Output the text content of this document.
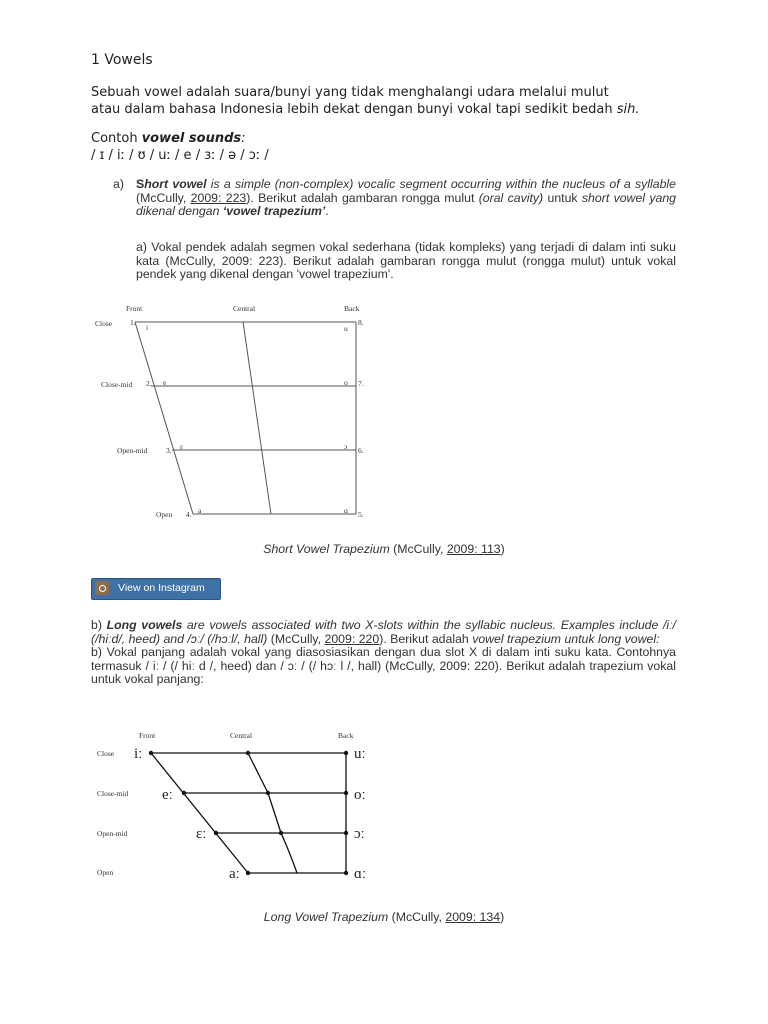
1 Vowels
Sebuah vowel adalah suara/bunyi yang tidak menghalangi udara melalui mulut
atau dalam bahasa Indonesia lebih dekat dengan bunyi vokal tapi sedikit bedah sih.
Contoh vowel sounds:
/ ɪ / iː / ʊ / uː / e / ɜː / ə / ɔː /
a) Short vowel is a simple (non-complex) vocalic segment occurring within the nucleus of a syllable (McCully, 2009: 223). Berikut adalah gambaran rongga mulut (oral cavity) untuk short vowel yang dikenal dengan ‘vowel trapezium’.
a) Vokal pendek adalah segmen vokal sederhana (tidak kompleks) yang terjadi di dalam inti suku kata (McCully, 2009: 223). Berikut adalah gambaran rongga mulut (rongga mulut) untuk vokal pendek yang dikenal dengan 'vowel trapezium'.
Front	Central	Back
Close
Close-mid
Open-mid
Open
1.
2.
3.
4.
8.
7.
6.
5.
i
e
ɛ
a
u
o
ɔ
ɑ
Short Vowel Trapezium (McCully, 2009: 113)
View on Instagram
b) Long vowels are vowels associated with two X-slots within the syllabic nucleus. Examples include /iː/ (/hiːd/, heed) and /ɔː/ (/hɔːl/, hall) (McCully, 2009: 220). Berikut adalah vowel trapezium untuk long vowel:
b) Vokal panjang adalah vokal yang diasosiasikan dengan dua slot X di dalam inti suku kata. Contohnya termasuk / iː / (/ hiː d /, heed) dan / ɔː / (/ hɔː l /, hall) (McCully, 2009: 220). Berikut adalah trapezium vokal untuk vokal panjang:
Front	Central	Back
Close
Close-mid
Open-mid
Open
iː
eː
ɛː
aː
uː
oː
ɔː
ɑː
Long Vowel Trapezium (McCully, 2009: 134)
